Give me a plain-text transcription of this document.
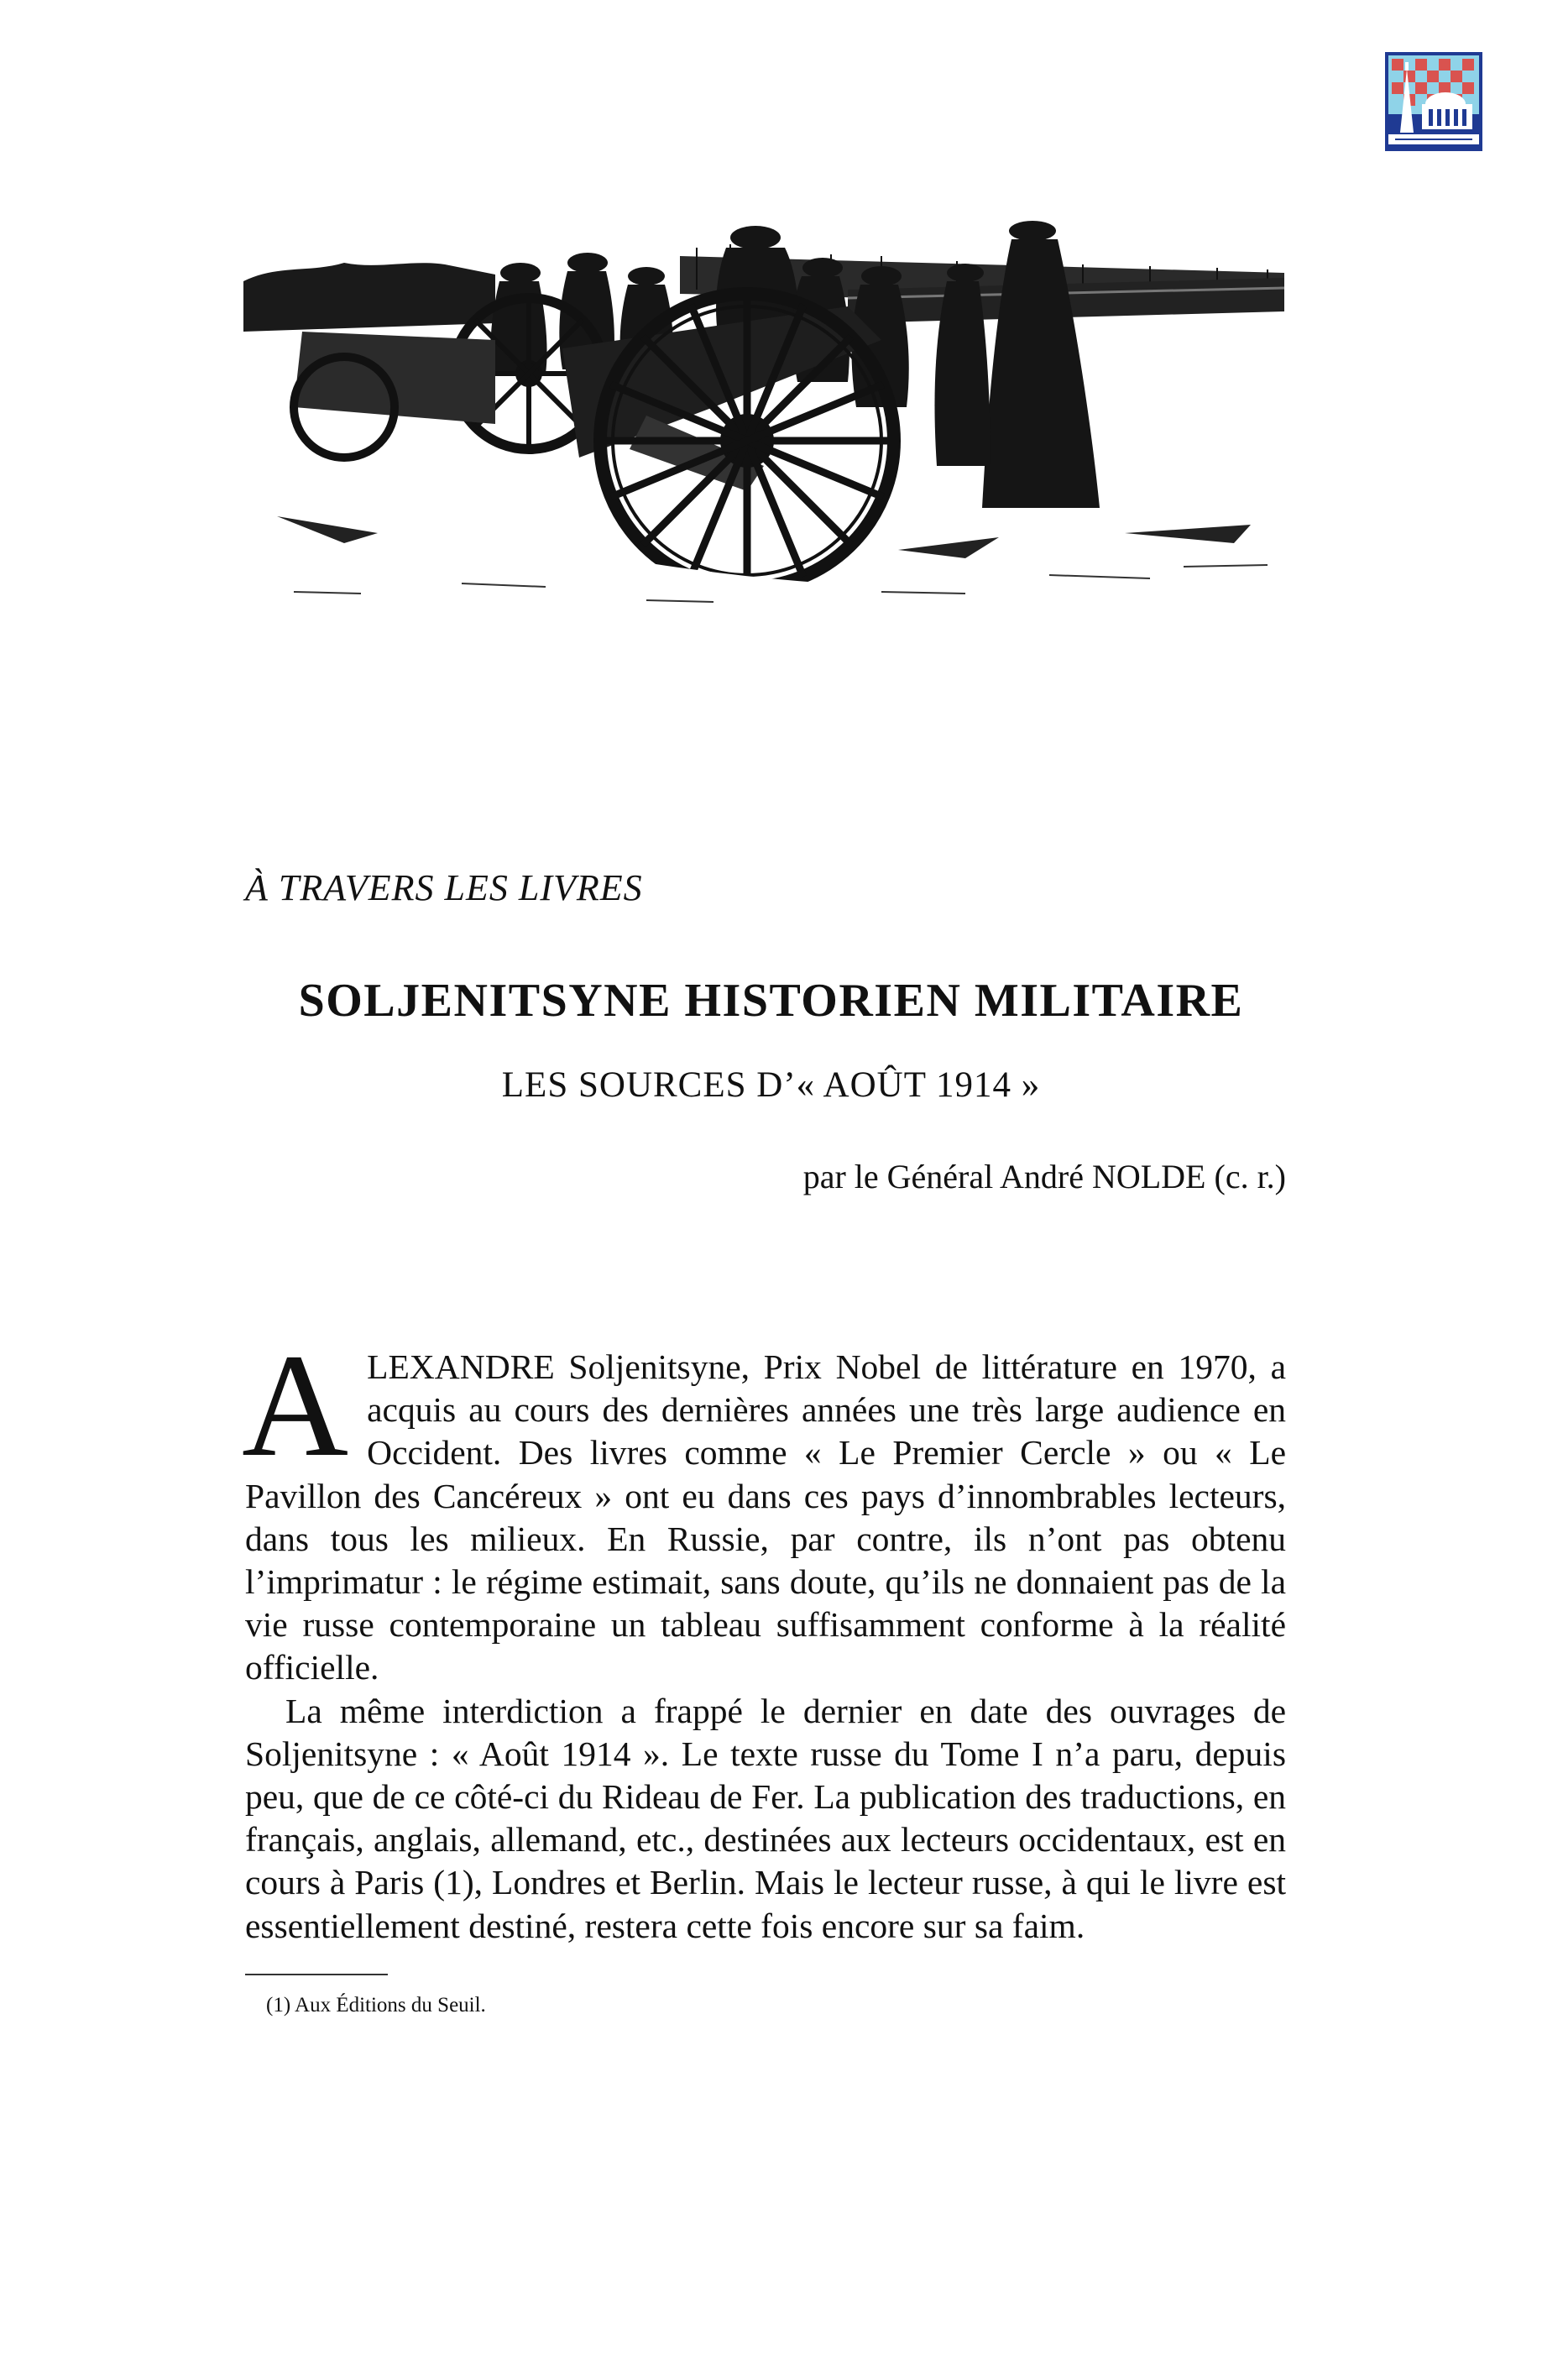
À TRAVERS LES LIVRES
SOLJENITSYNE HISTORIEN MILITAIRE
LES SOURCES D’« AOÛT 1914 »
par le Général André NOLDE (c. r.)

ALEXANDRE Soljenitsyne, Prix Nobel de littérature en 1970, a acquis au cours des dernières années une très large audience en Occident. Des livres comme « Le Premier Cercle » ou « Le Pavillon des Cancéreux » ont eu dans ces pays d’innombrables lecteurs, dans tous les milieux. En Russie, par contre, ils n’ont pas obtenu l’imprimatur : le régime estimait, sans doute, qu’ils ne donnaient pas de la vie russe contemporaine un tableau suffisamment conforme à la réalité officielle.

La même interdiction a frappé le dernier en date des ouvrages de Soljenitsyne : « Août 1914 ». Le texte russe du Tome I n’a paru, depuis peu, que de ce côté-ci du Rideau de Fer. La publication des traductions, en français, anglais, allemand, etc., destinées aux lecteurs occidentaux, est en cours à Paris (1), Londres et Berlin. Mais le lecteur russe, à qui le livre est essentiellement destiné, restera cette fois encore sur sa faim.

(1) Aux Éditions du Seuil.
